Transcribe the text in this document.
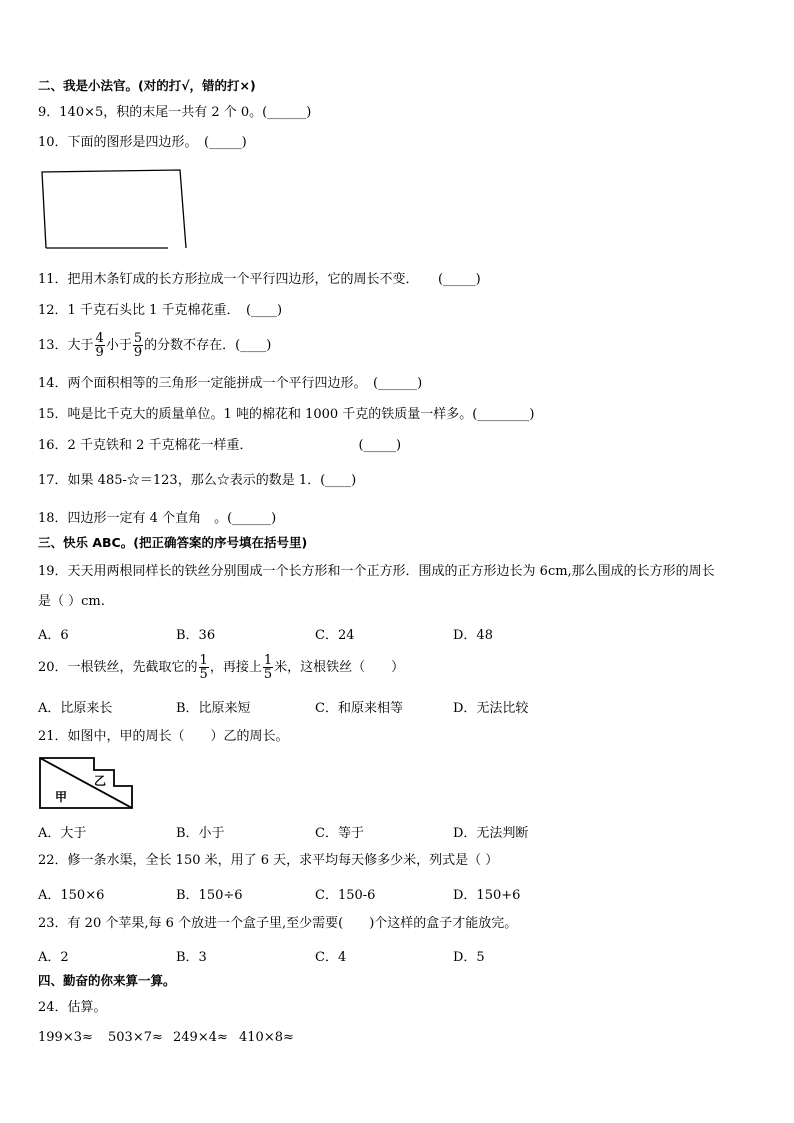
二、我是小法官。(对的打√，错的打×)
9．140×5，积的末尾一共有 2 个 0。(______)
10．下面的图形是四边形。　(_____)
11．把用木条钉成的长方形拉成一个平行四边形，它的周长不变．　　(_____)
12．1 千克石头比 1 千克棉花重．　(____)
13．大于 $\frac{4}{9}$ 小于 $\frac{5}{9}$ 的分数不存在．(____)
14．两个面积相等的三角形一定能拼成一个平行四边形。　(______)
15．吨是比千克大的质量单位。1 吨的棉花和 1000 千克的铁质量一样多。(________)
16．2 千克铁和 2 千克棉花一样重．	(_____)
17．如果 485-☆＝123，那么☆表示的数是 1．(____)
18．四边形一定有 4 个直角　。(______)
三、快乐 ABC。(把正确答案的序号填在括号里)
19．天天用两根同样长的铁丝分别围成一个长方形和一个正方形．围成的正方形边长为 6cm,那么围成的长方形的周长
是（ ）cm.
A．6	B．36	C．24	D．48
20．一根铁丝，先截取它的 $\frac{1}{5}$ ，再接上 $\frac{1}{5}$ 米，这根铁丝（　　）
A．比原来长	B．比原来短	C．和原来相等	D．无法比较
21．如图中，甲的周长（　　）乙的周长。
甲
乙
A．大于	B．小于	C．等于	D．无法判断
22．修一条水渠，全长 150 米，用了 6 天，求平均每天修多少米，列式是（ ）
A．150×6	B．150÷6	C．150-6	D．150+6
23．有 20 个苹果,每 6 个放进一个盒子里,至少需要(　　)个这样的盒子才能放完。
A．2	B．3	C．4	D．5
四、勤奋的你来算一算。
24．估算。
199×3≈ 503×7≈ 249×4≈ 410×8≈
